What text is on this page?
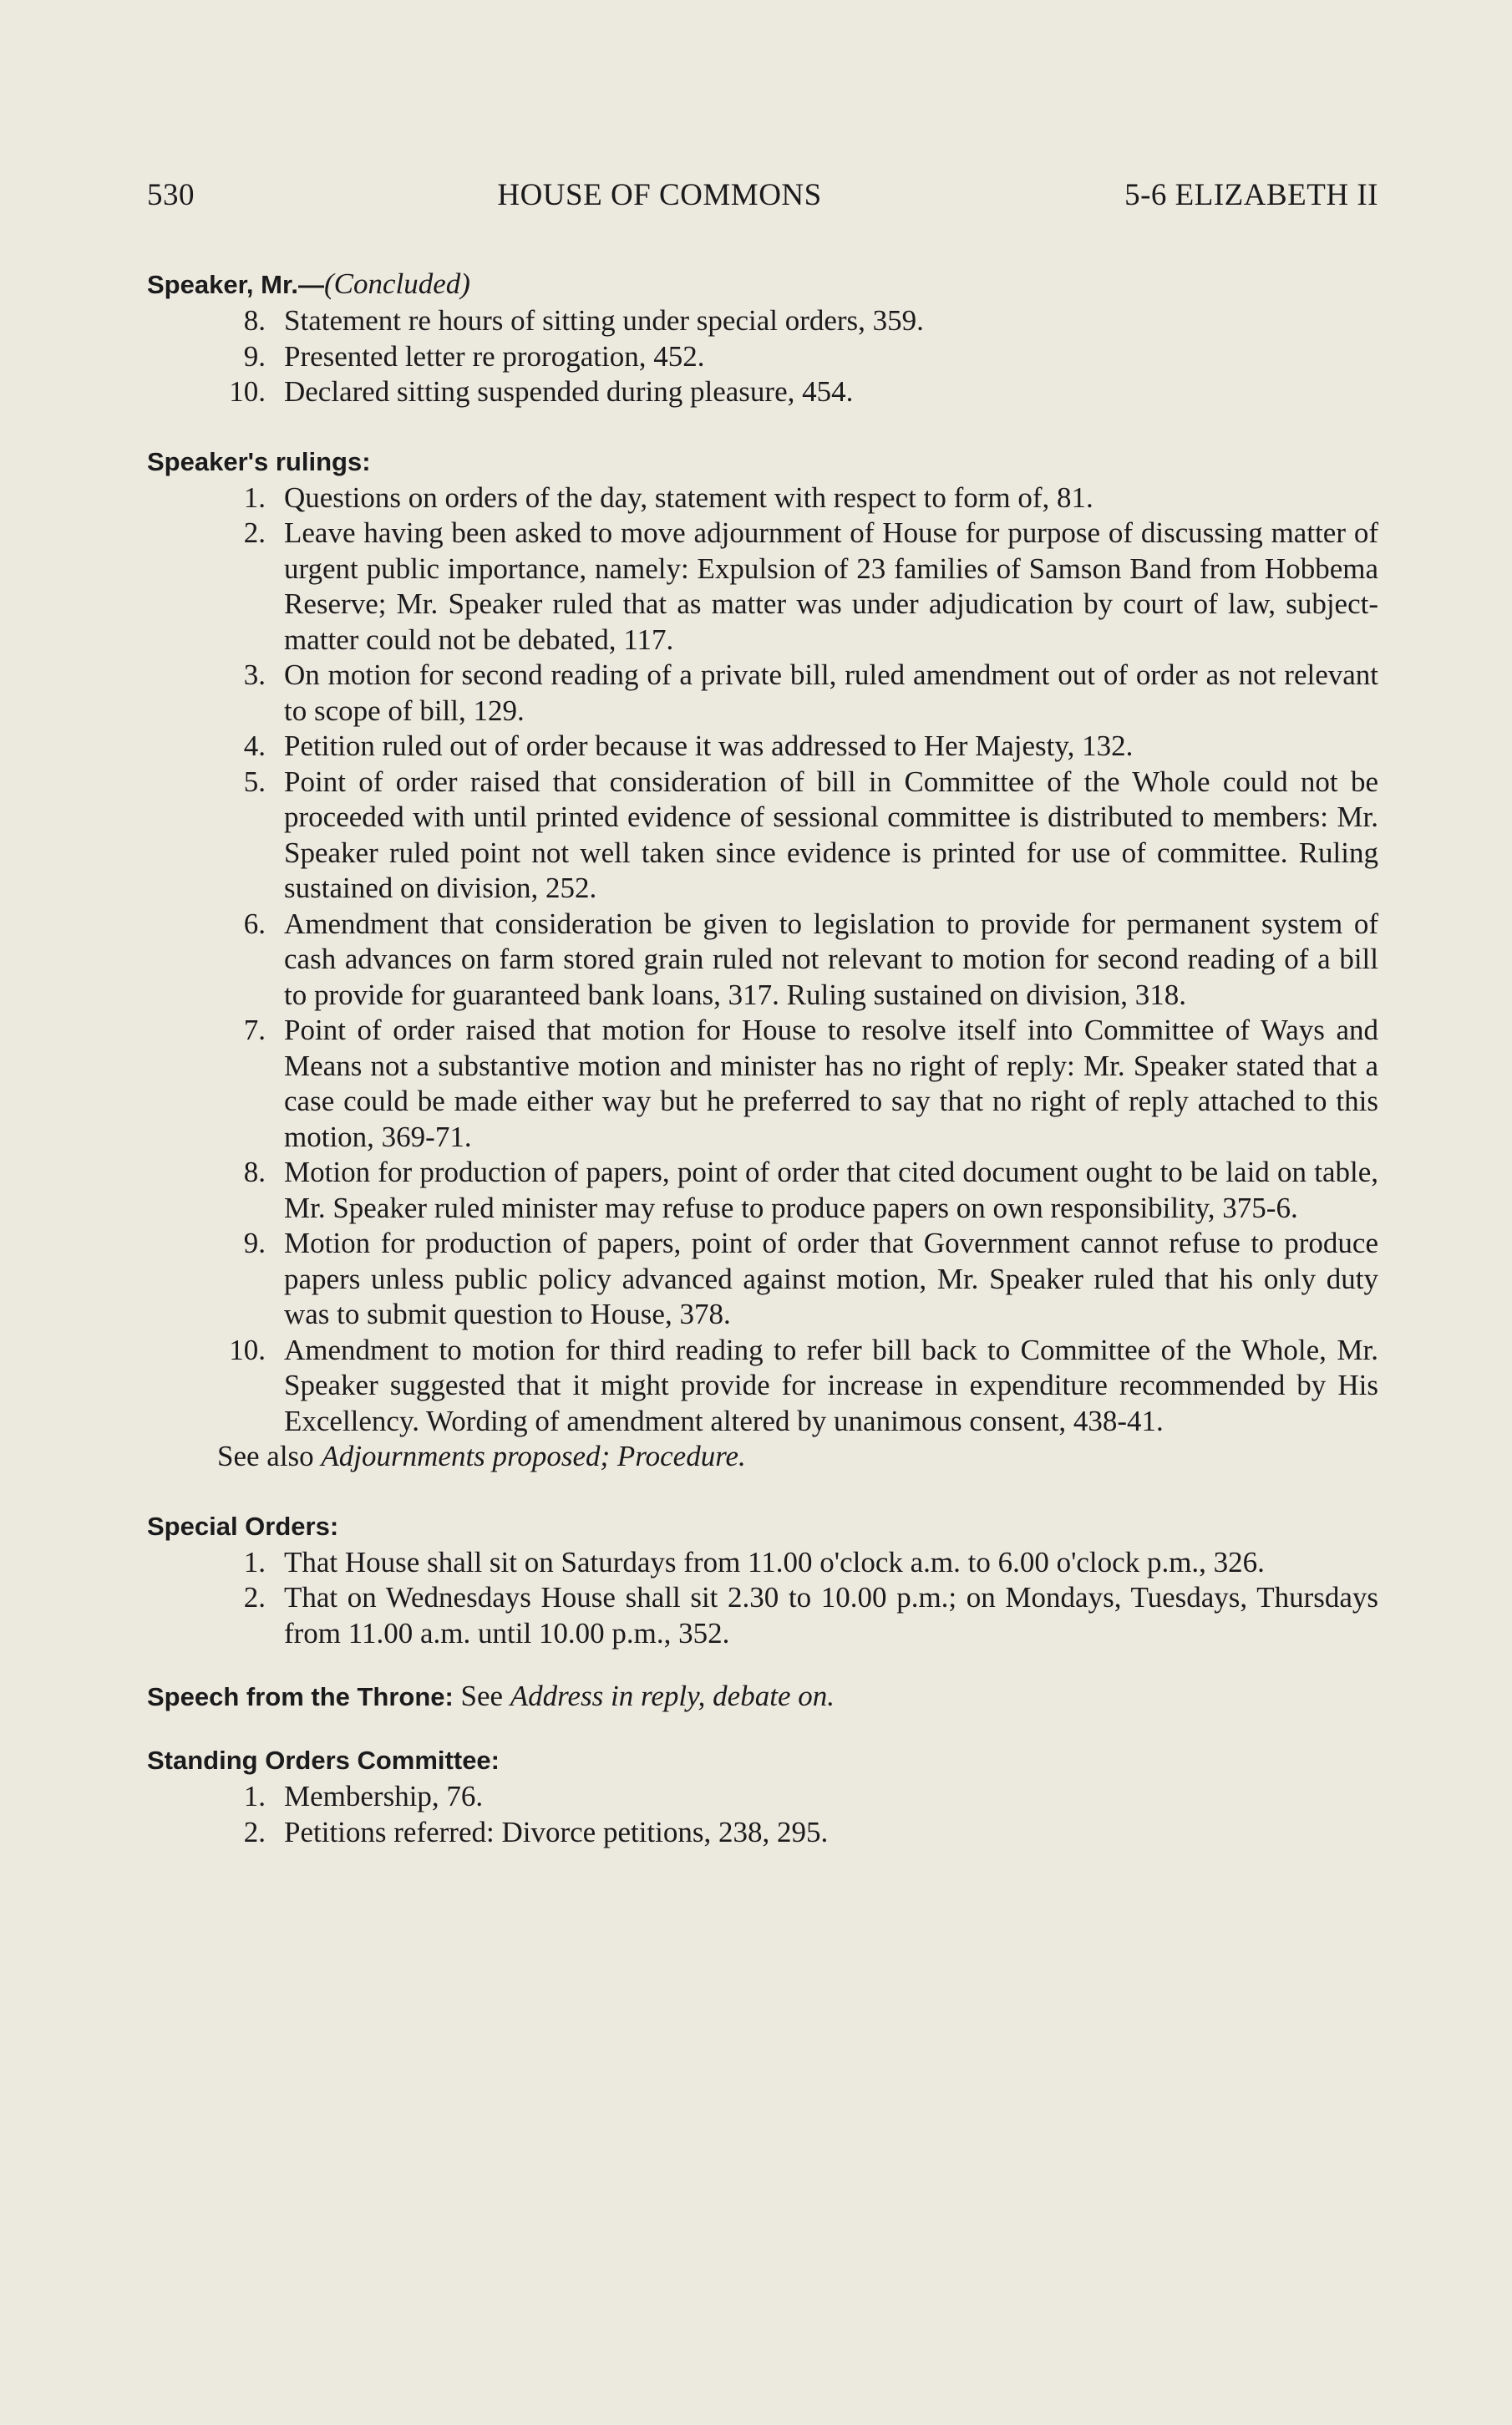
530	HOUSE OF COMMONS	5-6 ELIZABETH II
Speaker, Mr.—(Concluded)
8. Statement re hours of sitting under special orders, 359.
9. Presented letter re prorogation, 452.
10. Declared sitting suspended during pleasure, 454.
Speaker's rulings:
1. Questions on orders of the day, statement with respect to form of, 81.
2. Leave having been asked to move adjournment of House for purpose of discussing matter of urgent public importance, namely: Expulsion of 23 families of Samson Band from Hobbema Reserve; Mr. Speaker ruled that as matter was under adjudication by court of law, subject-matter could not be debated, 117.
3. On motion for second reading of a private bill, ruled amendment out of order as not relevant to scope of bill, 129.
4. Petition ruled out of order because it was addressed to Her Majesty, 132.
5. Point of order raised that consideration of bill in Committee of the Whole could not be proceeded with until printed evidence of sessional committee is distributed to members: Mr. Speaker ruled point not well taken since evidence is printed for use of committee. Ruling sustained on division, 252.
6. Amendment that consideration be given to legislation to provide for permanent system of cash advances on farm stored grain ruled not relevant to motion for second reading of a bill to provide for guaranteed bank loans, 317. Ruling sustained on division, 318.
7. Point of order raised that motion for House to resolve itself into Committee of Ways and Means not a substantive motion and minister has no right of reply: Mr. Speaker stated that a case could be made either way but he preferred to say that no right of reply attached to this motion, 369-71.
8. Motion for production of papers, point of order that cited document ought to be laid on table, Mr. Speaker ruled minister may refuse to produce papers on own responsibility, 375-6.
9. Motion for production of papers, point of order that Government cannot refuse to produce papers unless public policy advanced against motion, Mr. Speaker ruled that his only duty was to submit question to House, 378.
10. Amendment to motion for third reading to refer bill back to Committee of the Whole, Mr. Speaker suggested that it might provide for increase in expenditure recommended by His Excellency. Wording of amendment altered by unanimous consent, 438-41.
See also Adjournments proposed; Procedure.
Special Orders:
1. That House shall sit on Saturdays from 11.00 o'clock a.m. to 6.00 o'clock p.m., 326.
2. That on Wednesdays House shall sit 2.30 to 10.00 p.m.; on Mondays, Tuesdays, Thursdays from 11.00 a.m. until 10.00 p.m., 352.
Speech from the Throne: See Address in reply, debate on.
Standing Orders Committee:
1. Membership, 76.
2. Petitions referred: Divorce petitions, 238, 295.
